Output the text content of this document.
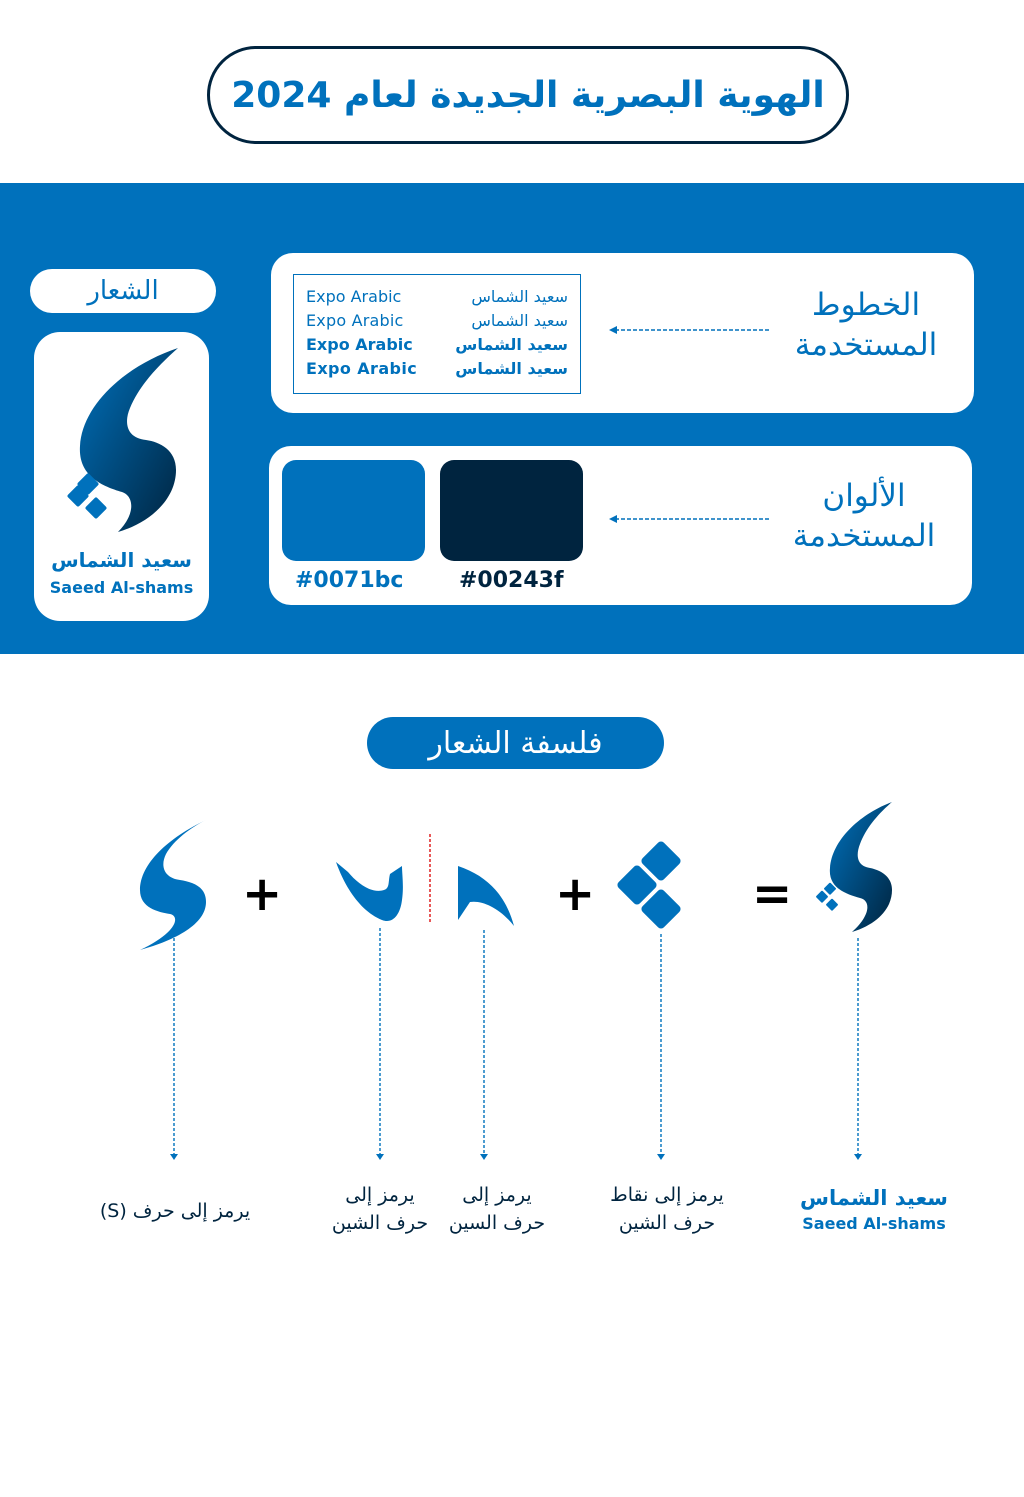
الهوية البصرية الجديدة لعام 2024
الشعار
سعيد الشماس
Saeed Al-shams
Expo Arabic	سعيد الشماس
Expo Arabic	سعيد الشماس
Expo Arabic	سعيد الشماس
Expo Arabic سعيد الشماس
الخطوط
المستخدمة
#0071bc	#00243f
الألوان
المستخدمة
فلسفة الشعار
+	+	=
يرمز إلى حرف (S)
يرمز إلى
حرف الشين
يرمز إلى
حرف السين
يرمز إلى نقاط
حرف الشين
سعيد الشماس
Saeed Al-shams
